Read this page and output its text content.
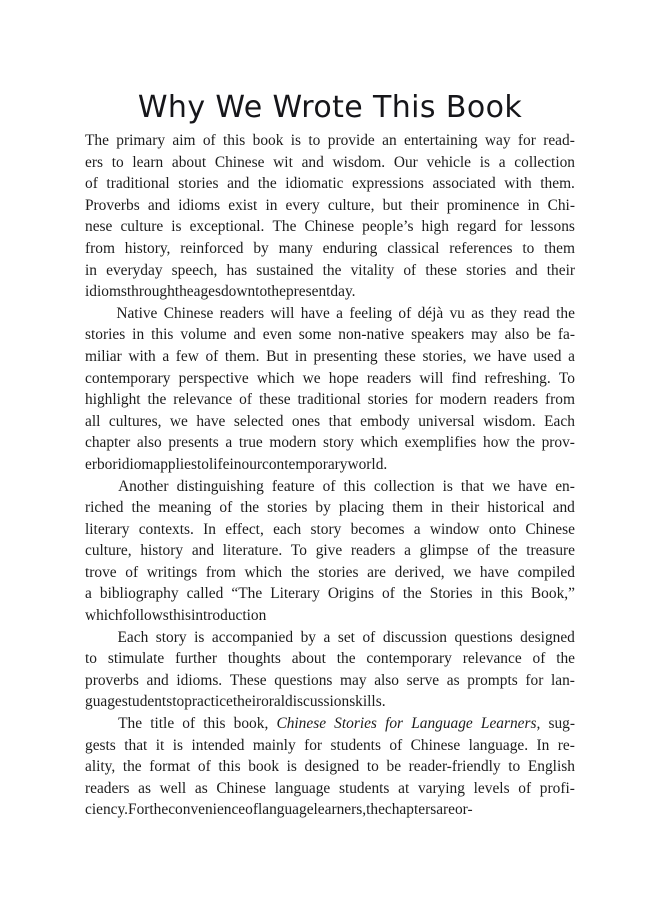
Why We Wrote This Book

The primary aim of this book is to provide an entertaining way for read-
ers to learn about Chinese wit and wisdom. Our vehicle is a collection
of traditional stories and the idiomatic expressions associated with them.
Proverbs and idioms exist in every culture, but their prominence in Chi-
nese culture is exceptional. The Chinese people’s high regard for lessons
from history, reinforced by many enduring classical references to them
in everyday speech, has sustained the vitality of these stories and their
idioms through the ages down to the present day.

Native Chinese readers will have a feeling of déjà vu as they read the
stories in this volume and even some non-native speakers may also be fa-
miliar with a few of them. But in presenting these stories, we have used a
contemporary perspective which we hope readers will find refreshing. To
highlight the relevance of these traditional stories for modern readers from
all cultures, we have selected ones that embody universal wisdom. Each
chapter also presents a true modern story which exemplifies how the prov-
erb or idiom applies to life in our contemporary world.

Another distinguishing feature of this collection is that we have en-
riched the meaning of the stories by placing them in their historical and
literary contexts. In effect, each story becomes a window onto Chinese
culture, history and literature. To give readers a glimpse of the treasure
trove of writings from which the stories are derived, we have compiled
a bibliography called “The Literary Origins of the Stories in this Book,”
which follows this introduction

Each story is accompanied by a set of discussion questions designed
to stimulate further thoughts about the contemporary relevance of the
proverbs and idioms. These questions may also serve as prompts for lan-
guage students to practice their oral discussion skills.

The title of this book, Chinese Stories for Language Learners, sug-
gests that it is intended mainly for students of Chinese language. In re-
ality, the format of this book is designed to be reader-friendly to English
readers as well as Chinese language students at varying levels of profi-
ciency. For the convenience of language learners, the chapters are or-
